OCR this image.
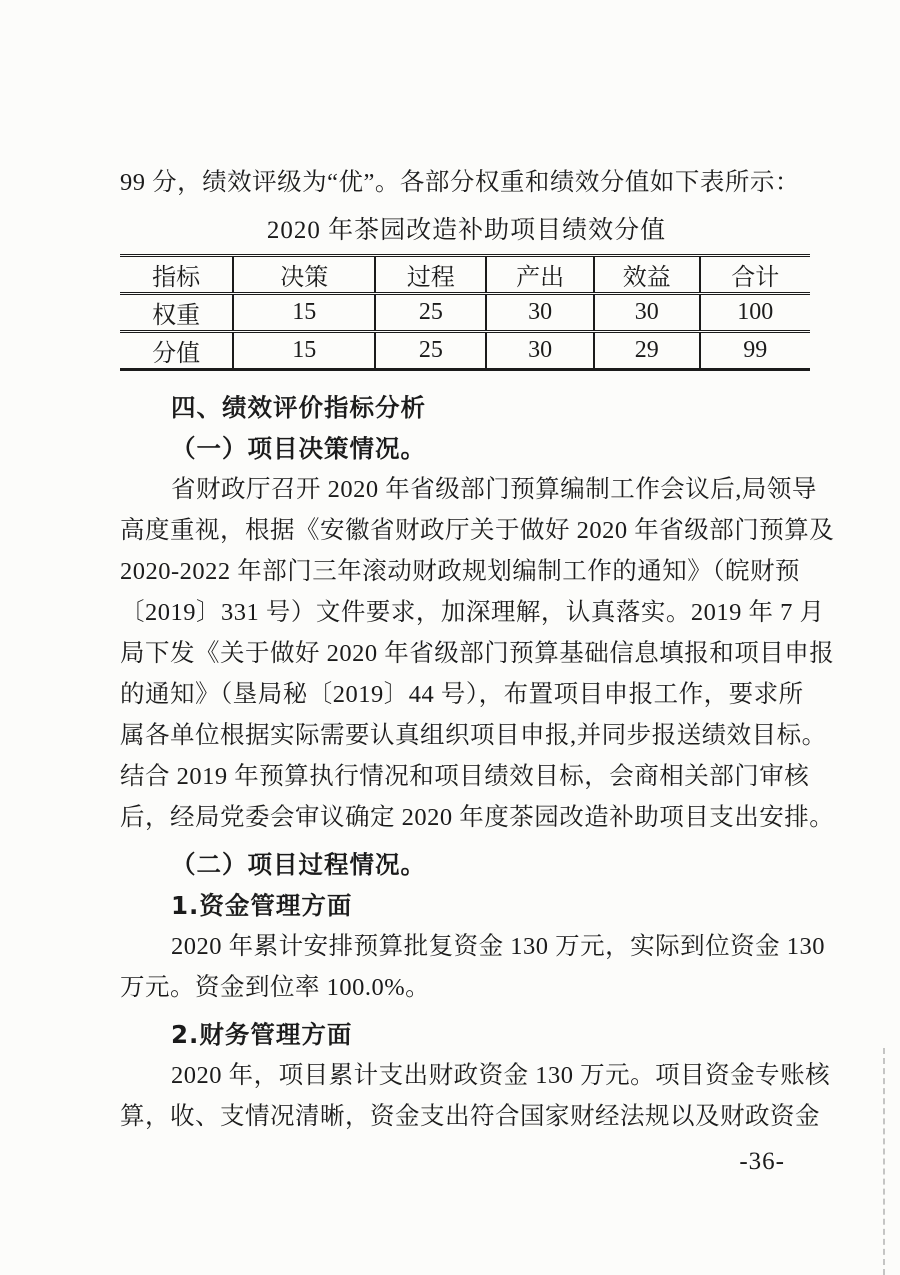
99 分，绩效评级为“优”。各部分权重和绩效分值如下表所示：
2020 年茶园改造补助项目绩效分值
指标	决策	过程	产出	效益	合计
权重	15	25	30	30	100
分值	15	25	30	29	99
四、绩效评价指标分析
（一）项目决策情况。
省财政厅召开 2020 年省级部门预算编制工作会议后,局领导
高度重视，根据《安徽省财政厅关于做好 2020 年省级部门预算及
2020-2022 年部门三年滚动财政规划编制工作的通知》（皖财预
〔2019〕331 号）文件要求，加深理解，认真落实。2019 年 7 月
局下发《关于做好 2020 年省级部门预算基础信息填报和项目申报
的通知》（垦局秘〔2019〕44 号），布置项目申报工作，要求所
属各单位根据实际需要认真组织项目申报,并同步报送绩效目标。
结合 2019 年预算执行情况和项目绩效目标，会商相关部门审核
后，经局党委会审议确定 2020 年度茶园改造补助项目支出安排。
（二）项目过程情况。
1.资金管理方面
2020 年累计安排预算批复资金 130 万元，实际到位资金 130
万元。资金到位率 100.0%。
2.财务管理方面
2020 年，项目累计支出财政资金 130 万元。项目资金专账核
算，收、支情况清晰，资金支出符合国家财经法规以及财政资金
-36-
